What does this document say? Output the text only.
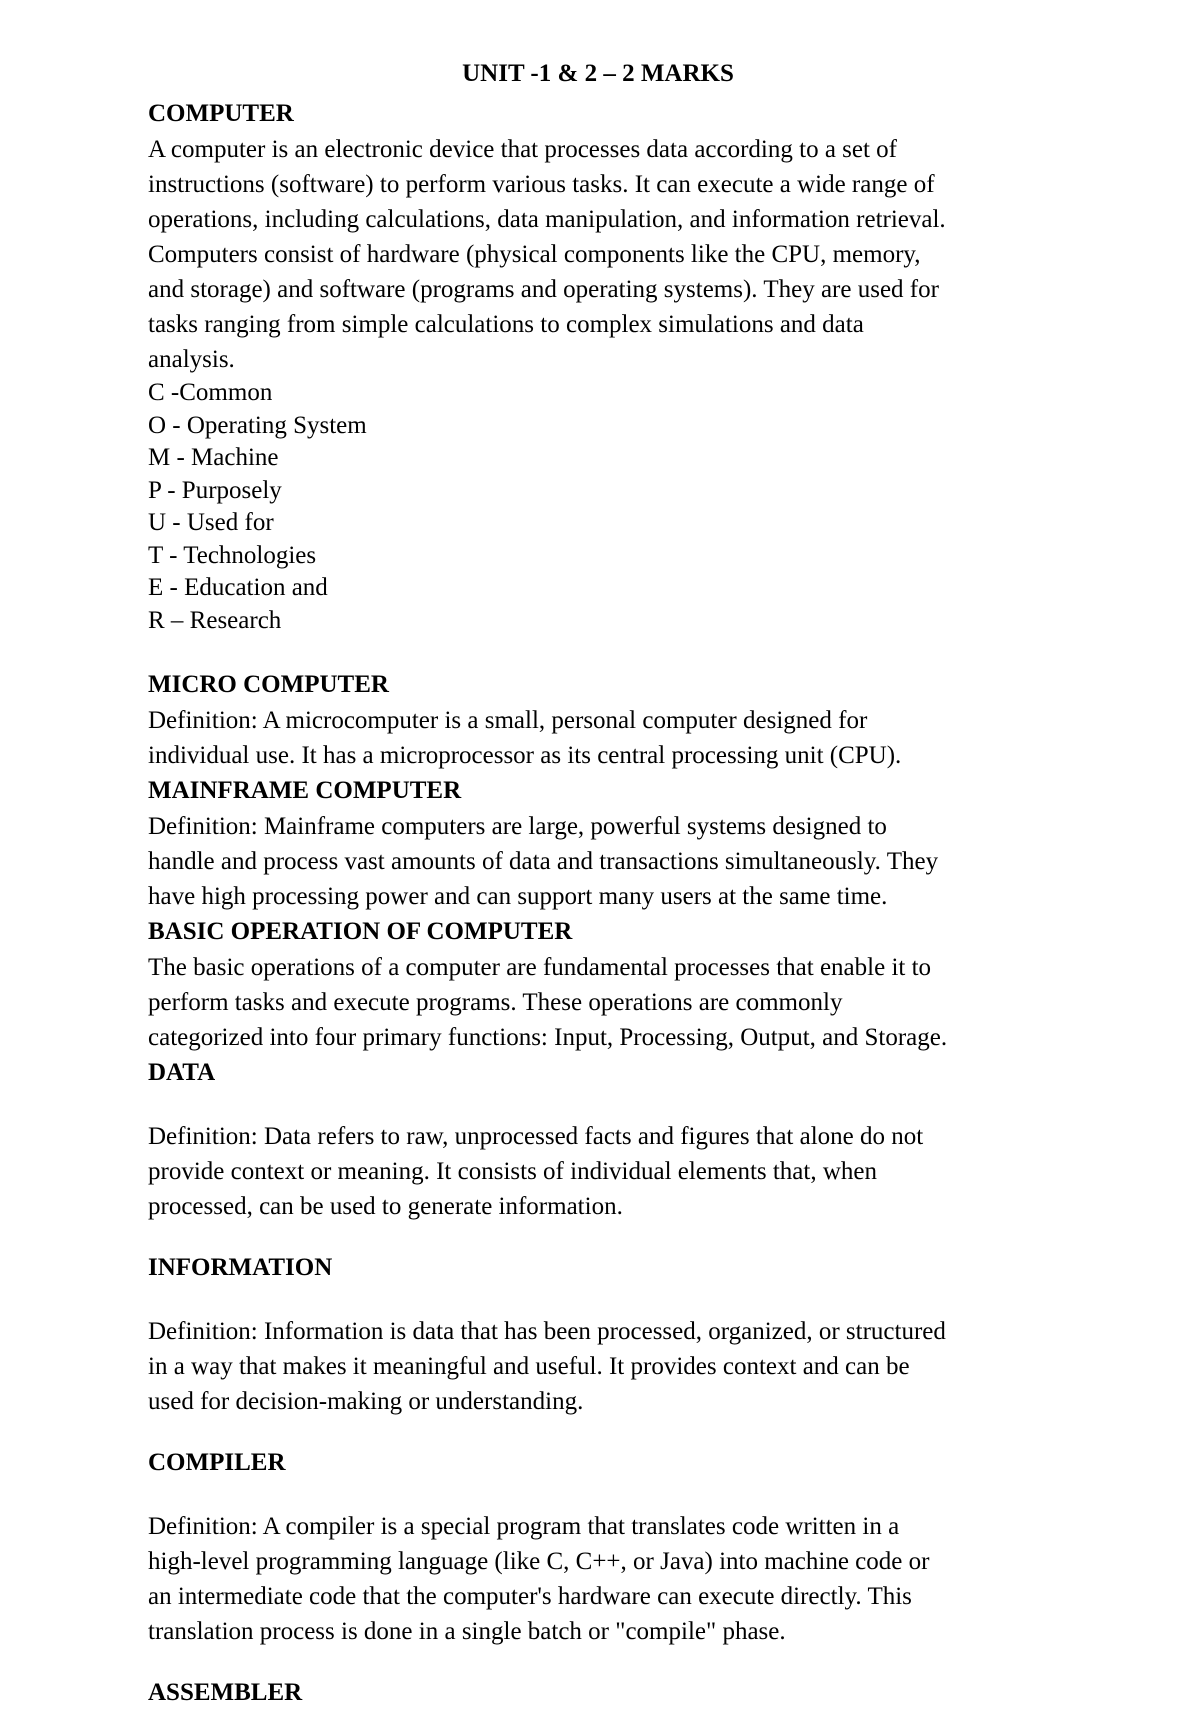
UNIT -1 & 2 – 2 MARKS
COMPUTER
A computer is an electronic device that processes data according to a set of
instructions (software) to perform various tasks. It can execute a wide range of
operations, including calculations, data manipulation, and information retrieval.
Computers consist of hardware (physical components like the CPU, memory,
and storage) and software (programs and operating systems). They are used for
tasks ranging from simple calculations to complex simulations and data
analysis.
C -Common
O - Operating System
M - Machine
P - Purposely
U - Used for
T - Technologies
E - Education and
R – Research
MICRO COMPUTER
Definition: A microcomputer is a small, personal computer designed for
individual use. It has a microprocessor as its central processing unit (CPU).
MAINFRAME COMPUTER
Definition: Mainframe computers are large, powerful systems designed to
handle and process vast amounts of data and transactions simultaneously. They
have high processing power and can support many users at the same time.
BASIC OPERATION OF COMPUTER
The basic operations of a computer are fundamental processes that enable it to
perform tasks and execute programs. These operations are commonly
categorized into four primary functions: Input, Processing, Output, and Storage.
DATA
Definition: Data refers to raw, unprocessed facts and figures that alone do not
provide context or meaning. It consists of individual elements that, when
processed, can be used to generate information.
INFORMATION
Definition: Information is data that has been processed, organized, or structured
in a way that makes it meaningful and useful. It provides context and can be
used for decision-making or understanding.
COMPILER
Definition: A compiler is a special program that translates code written in a
high-level programming language (like C, C++, or Java) into machine code or
an intermediate code that the computer's hardware can execute directly. This
translation process is done in a single batch or "compile" phase.
ASSEMBLER
